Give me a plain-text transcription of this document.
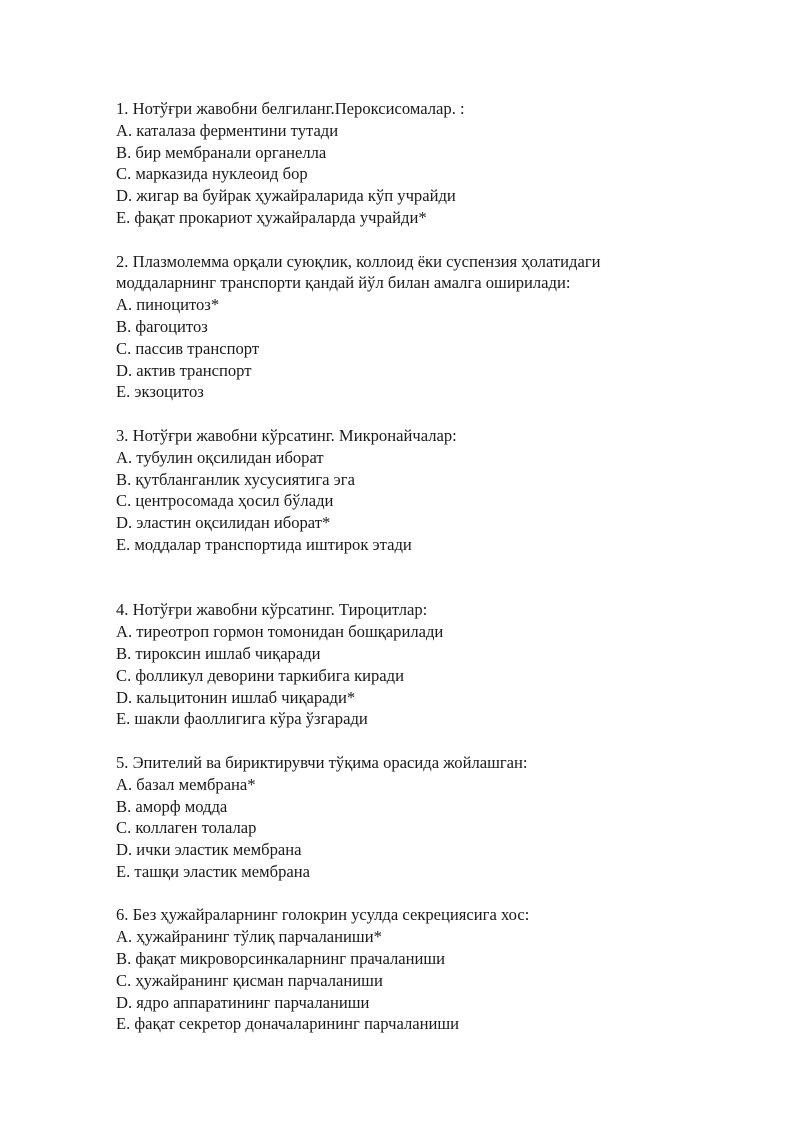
1. Нотўғри жавобни белгиланг.Пероксисомалар. :
A. каталаза ферментини тутади
B. бир мембранали органелла
C. марказида нуклеоид бор
D. жигар ва буйрак ҳужайраларида кўп учрайди
E. фақат прокариот ҳужайраларда учрайди*
2. Плазмолемма орқали суюқлик, коллоид ёки суспензия ҳолатидаги
моддаларнинг транспорти қандай йўл билан амалга оширилади:
A. пиноцитоз*
B. фагоцитоз
C. пассив транспорт
D. актив транспорт
E. экзоцитоз
3. Нотўғри жавобни кўрсатинг. Микронайчалар:
A. тубулин оқсилидан иборат
B. қутблангaнлик хусусиятига эга
C. центросомада ҳосил бўлади
D. эластин оқсилидан иборат*
E. моддалар транспортида иштирок этади
4. Нотўғри жавобни кўрсатинг. Тироцитлар:
A. тиреотроп гормон томонидан бошқарилади
B. тироксин ишлаб чиқаради
C. фолликул деворини таркибига киради
D. кальцитонин ишлаб чиқаради*
E. шакли фаоллигига кўра ўзгаради
5. Эпителий ва бириктирувчи тўқима орасида жойлашган:
A. базал мембрана*
B. аморф модда
C. коллаген толалар
D. ички эластик мембрана
E. ташқи эластик мембрана
6. Без ҳужайраларнинг голокрин усулда секрециясига хос:
A. ҳужайранинг тўлиқ парчаланиши*
B. фақат микроворсинкаларнинг прачаланиши
C. ҳужайранинг қисман парчаланиши
D. ядро аппаратининг парчаланиши
E. фақат секретор доначаларининг парчаланиши
